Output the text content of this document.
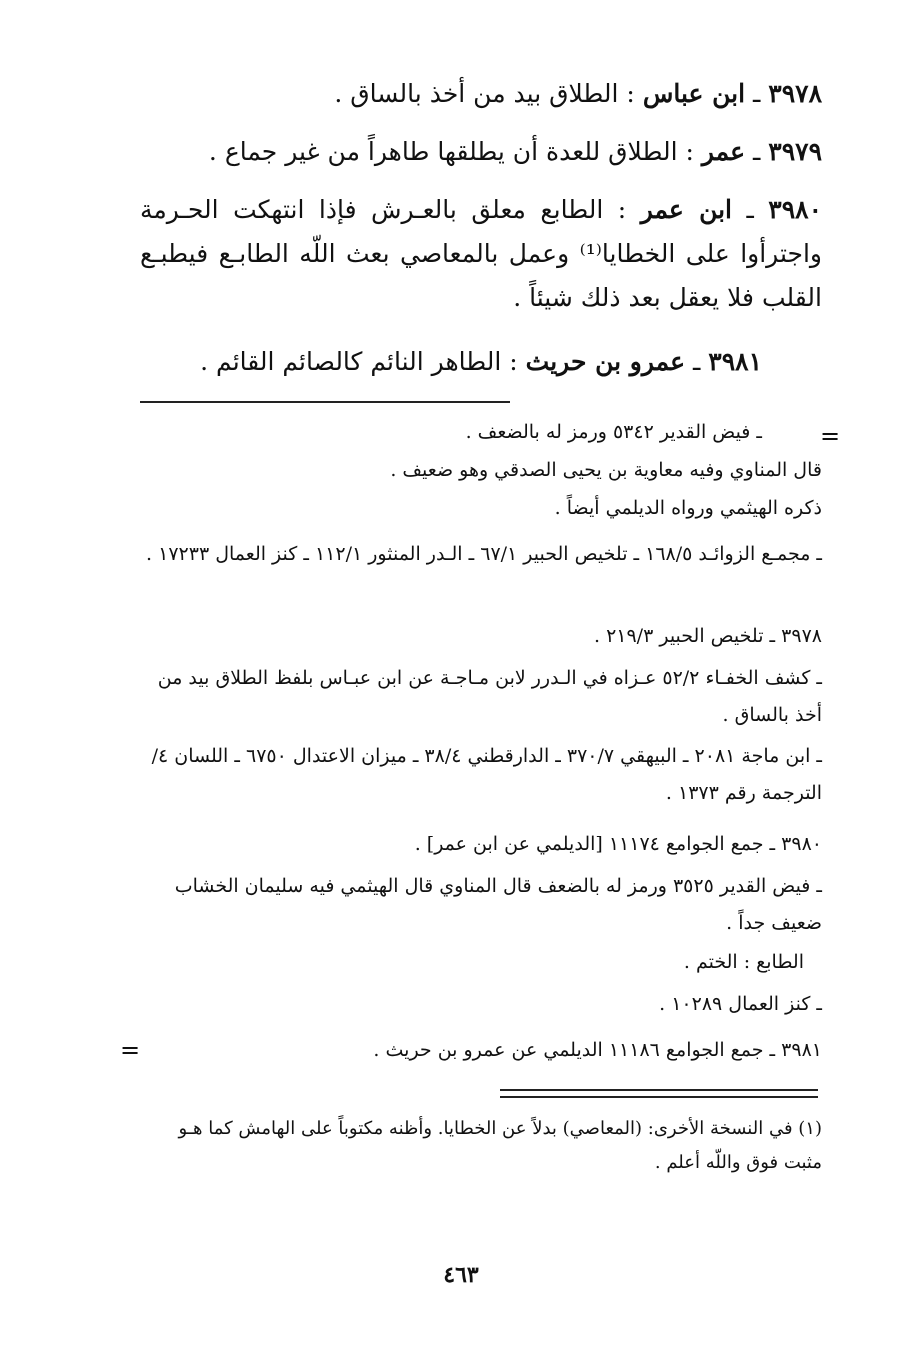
٣٩٧٨ ـ ابن عباس : الطلاق بيد من أخذ بالساق .
٣٩٧٩ ـ عمر : الطلاق للعدة أن يطلقها طاهراً من غير جماع .
٣٩٨٠ ـ ابن عمر : الطابع معلق بالعـرش فإذا انتهكت الحـرمة واجترأوا على الخطايا⁽¹⁾ وعمل بالمعاصي بعث اللّه الطابـع فيطبـع القلب فلا يعقل بعد ذلك شيئاً .
٣٩٨١ ـ عمرو بن حريث : الطاهر النائم كالصائم القائم .
ـ فيض القدير ٥٣٤٢ ورمز له بالضعف .
قال المناوي وفيه معاوية بن يحيى الصدقي وهو ضعيف .
ذكره الهيثمي ورواه الديلمي أيضاً .
ـ مجمـع الزوائـد ١٦٨/٥ ـ تلخيص الحبير ٦٧/١ ـ الـدر المنثور ١١٢/١ ـ كنز العمال ١٧٢٣٣ .
٣٩٧٨ ـ تلخيص الحبير ٢١٩/٣ .
ـ كشف الخفـاء ٥٢/٢ عـزاه في الـدرر لابن مـاجـة عن ابن عبـاس بلفظ الطلاق بيد من أخذ بالساق .
ـ ابن ماجة ٢٠٨١ ـ البيهقي ٣٧٠/٧ ـ الدارقطني ٣٨/٤ ـ ميزان الاعتدال ٦٧٥٠ ـ اللسان ٤/الترجمة رقم ١٣٧٣ .
٣٩٨٠ ـ جمع الجوامع ١١١٧٤ [الديلمي عن ابن عمر] .
ـ فيض القدير ٣٥٢٥ ورمز له بالضعف قال المناوي قال الهيثمي فيه سليمان الخشاب ضعيف جداً .
الطابع : الختم .
ـ كنز العمال ١٠٢٨٩ .
٣٩٨١ ـ جمع الجوامع ١١١٨٦ الديلمي عن عمرو بن حريث .
(١) في النسخة الأخرى: (المعاصي) بدلاً عن الخطايا. وأظنه مكتوباً على الهامش كما هـو مثبت فوق واللّه أعلم .
=
=
٤٦٣
